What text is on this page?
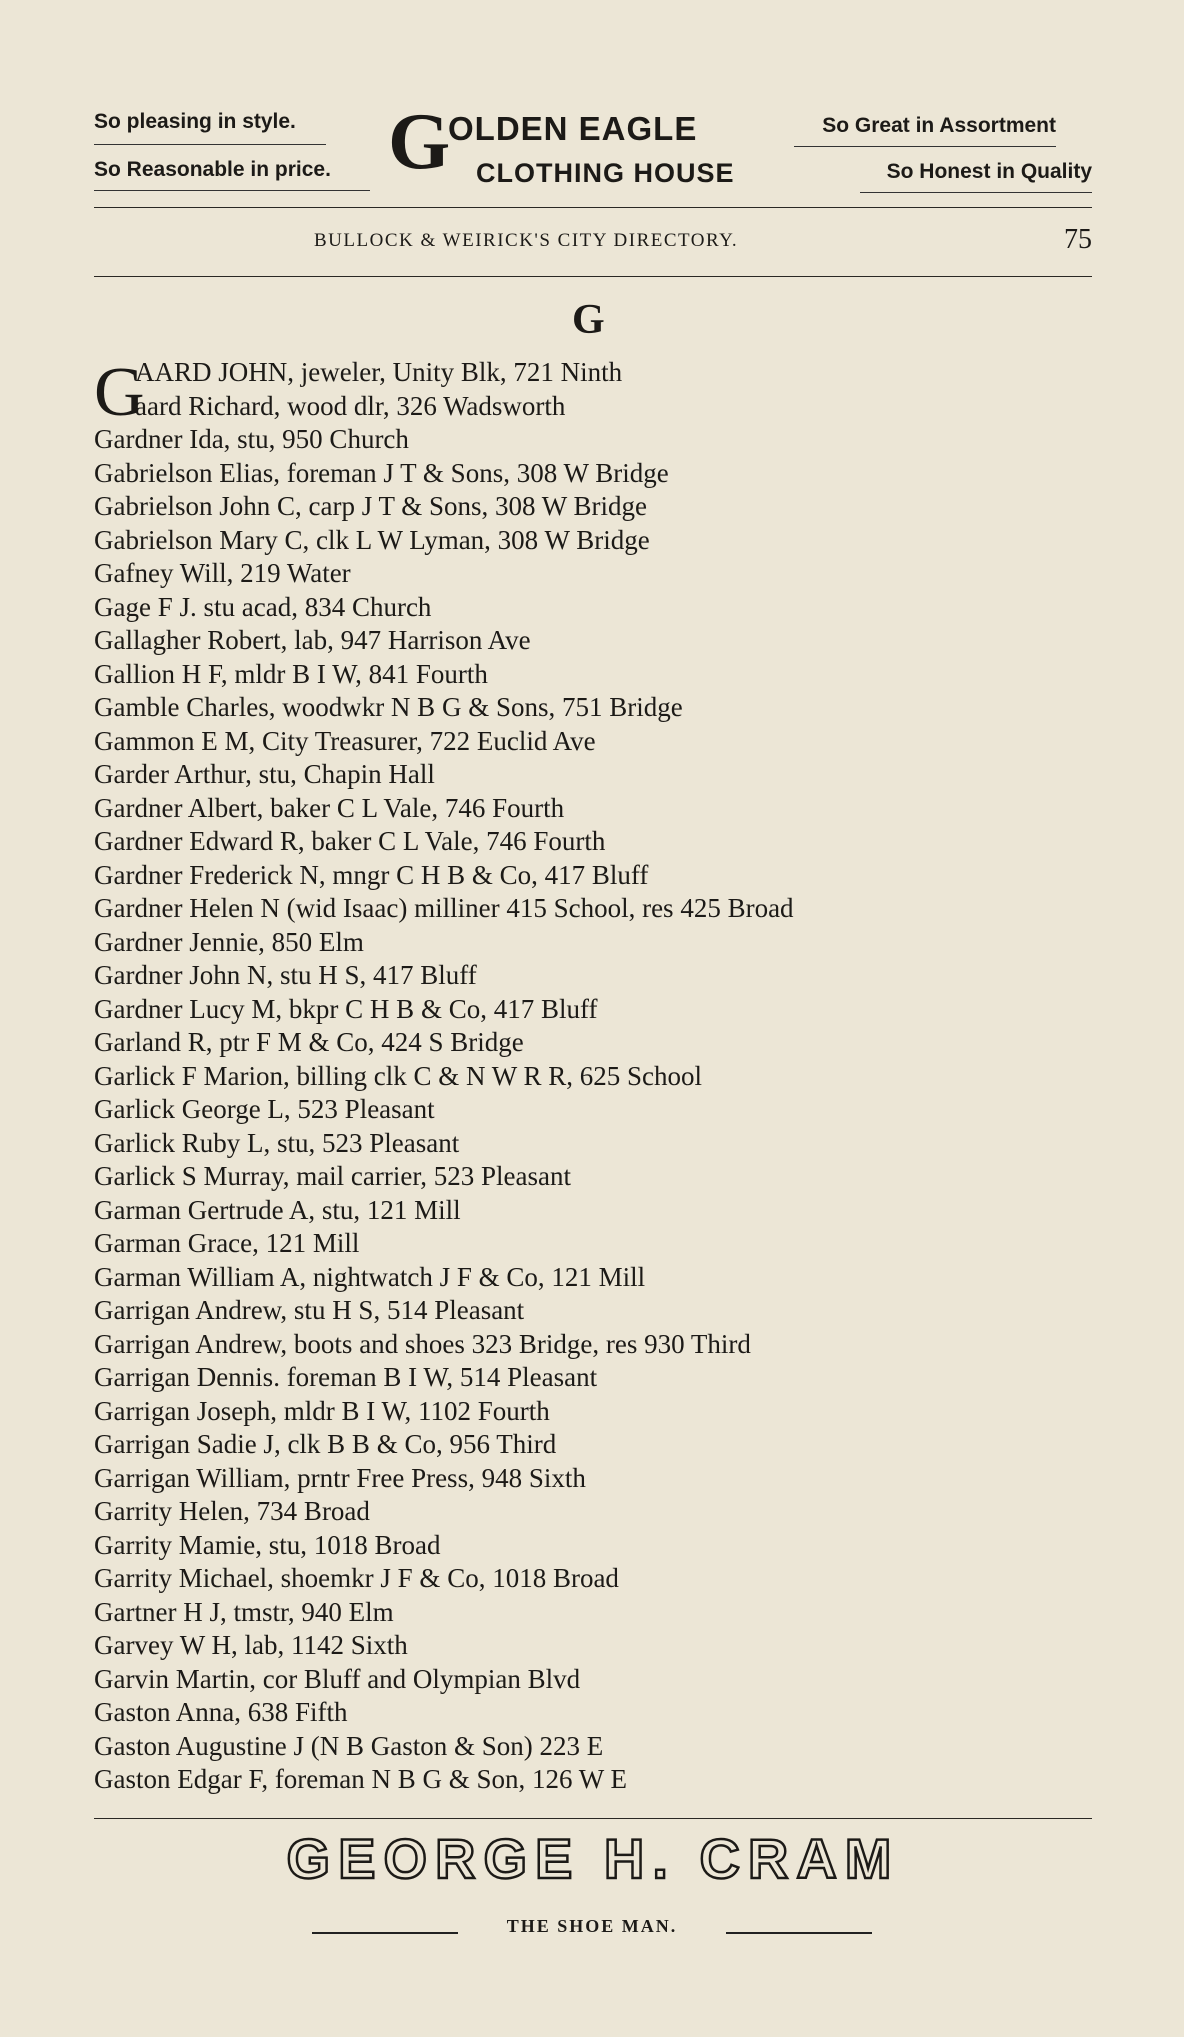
So pleasing in stylе.
So Reasonable in price. G
OLDEN EAGLE
CLOTHING HOUSE
So Great in Assortment
So Honest in Quality
BULLOCK & WEIRICK'S CITY DIRECTORY.	75
G
G
AARD JOHN, jeweler, Unity Blk, 721 Ninth
aard Richard, wood dlr, 326 Wadsworth
Gardner Ida, stu, 950 Church
Gabrielson Elias, foreman J T & Sons, 308 W Bridge
Gabrielson John C, carp J T & Sons, 308 W Bridge
Gabrielson Mary C, clk L W Lyman, 308 W Bridge
Gafney Will, 219 Water
Gage F J. stu acad, 834 Church
Gallagher Robert, lab, 947 Harrison Ave
Gallion H F, mldr B I W, 841 Fourth
Gamble Charles, woodwkr N B G & Sons, 751 Bridge
Gammon E M, City Treasurer, 722 Euclid Ave
Garder Arthur, stu, Chapin Hall
Gardner Albert, baker C L Vale, 746 Fourth
Gardner Edward R, baker C L Vale, 746 Fourth
Gardner Frederick N, mngr C H B & Co, 417 Bluff
Gardner Helen N (wid Isaac) milliner 415 School, res 425 Broad
Gardner Jennie, 850 Elm
Gardner John N, stu H S, 417 Bluff
Gardner Lucy M, bkpr C H B & Co, 417 Bluff
Garland R, ptr F M & Co, 424 S Bridge
Garlick F Marion, billing clk C & N W R R, 625 School
Garlick George L, 523 Pleasant
Garlick Ruby L, stu, 523 Pleasant
Garlick S Murray, mail carrier, 523 Pleasant
Garman Gertrude A, stu, 121 Mill
Garman Grace, 121 Mill
Garman William A, nightwatch J F & Co, 121 Mill
Garrigan Andrew, stu H S, 514 Pleasant
Garrigan Andrew, boots and shoes 323 Bridge, res 930 Third
Garrigan Dennis. foreman B I W, 514 Pleasant
Garrigan Joseph, mldr B I W, 1102 Fourth
Garrigan Sadie J, clk B B & Co, 956 Third
Garrigan William, prntr Free Press, 948 Sixth
Garrity Helen, 734 Broad
Garrity Mamie, stu, 1018 Broad
Garrity Michael, shoemkr J F & Co, 1018 Broad
Gartner H J, tmstr, 940 Elm
Garvey W H, lab, 1142 Sixth
Garvin Martin, cor Bluff and Olympian Blvd
Gaston Anna, 638 Fifth
Gaston Augustine J (N B Gaston & Son) 223 E
Gaston Edgar F, foreman N B G & Son, 126 W E
GEORGE H. CRAM
THE SHOE MAN.
